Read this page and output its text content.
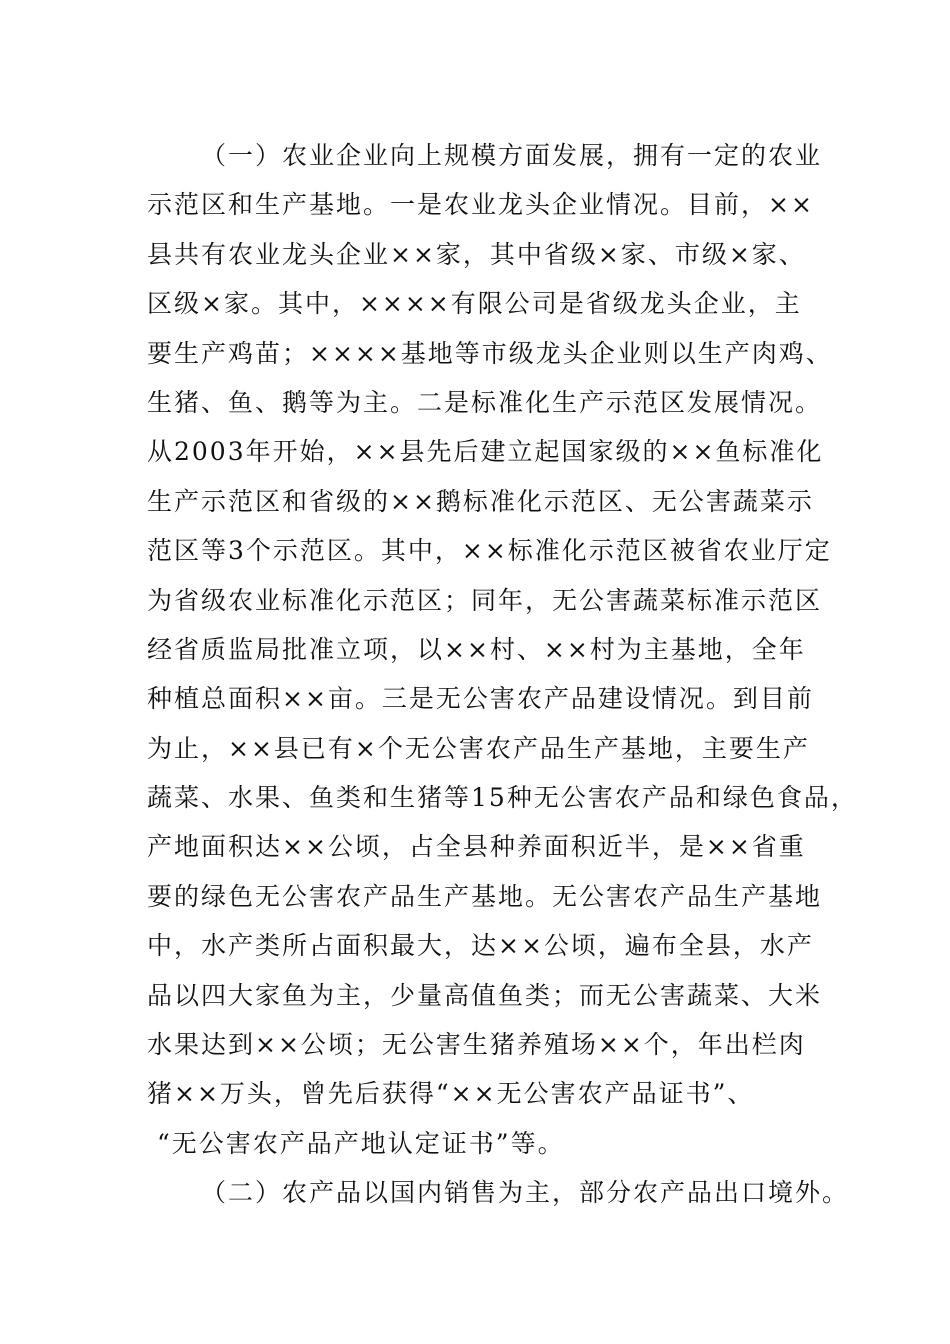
（一）农业企业向上规模方面发展，拥有一定的农业
示范区和生产基地。一是农业龙头企业情况。目前，××
县共有农业龙头企业××家，其中省级×家、市级×家、
区级×家。其中，××××有限公司是省级龙头企业，主
要生产鸡苗；××××基地等市级龙头企业则以生产肉鸡、
生猪、鱼、鹅等为主。二是标准化生产示范区发展情况。
从2003年开始，××县先后建立起国家级的××鱼标准化
生产示范区和省级的××鹅标准化示范区、无公害蔬菜示
范区等3个示范区。其中，××标准化示范区被省农业厅定
为省级农业标准化示范区；同年，无公害蔬菜标准示范区
经省质监局批准立项，以××村、××村为主基地，全年
种植总面积××亩。三是无公害农产品建设情况。到目前
为止，××县已有×个无公害农产品生产基地，主要生产
蔬菜、水果、鱼类和生猪等15种无公害农产品和绿色食品，
产地面积达××公顷，占全县种养面积近半，是××省重
要的绿色无公害农产品生产基地。无公害农产品生产基地
中，水产类所占面积最大，达××公顷，遍布全县，水产
品以四大家鱼为主，少量高值鱼类；而无公害蔬菜、大米
水果达到××公顷；无公害生猪养殖场××个，年出栏肉
猪××万头，曾先后获得“××无公害农产品证书”、
“无公害农产品产地认定证书”等。
（二）农产品以国内销售为主，部分农产品出口境外。
